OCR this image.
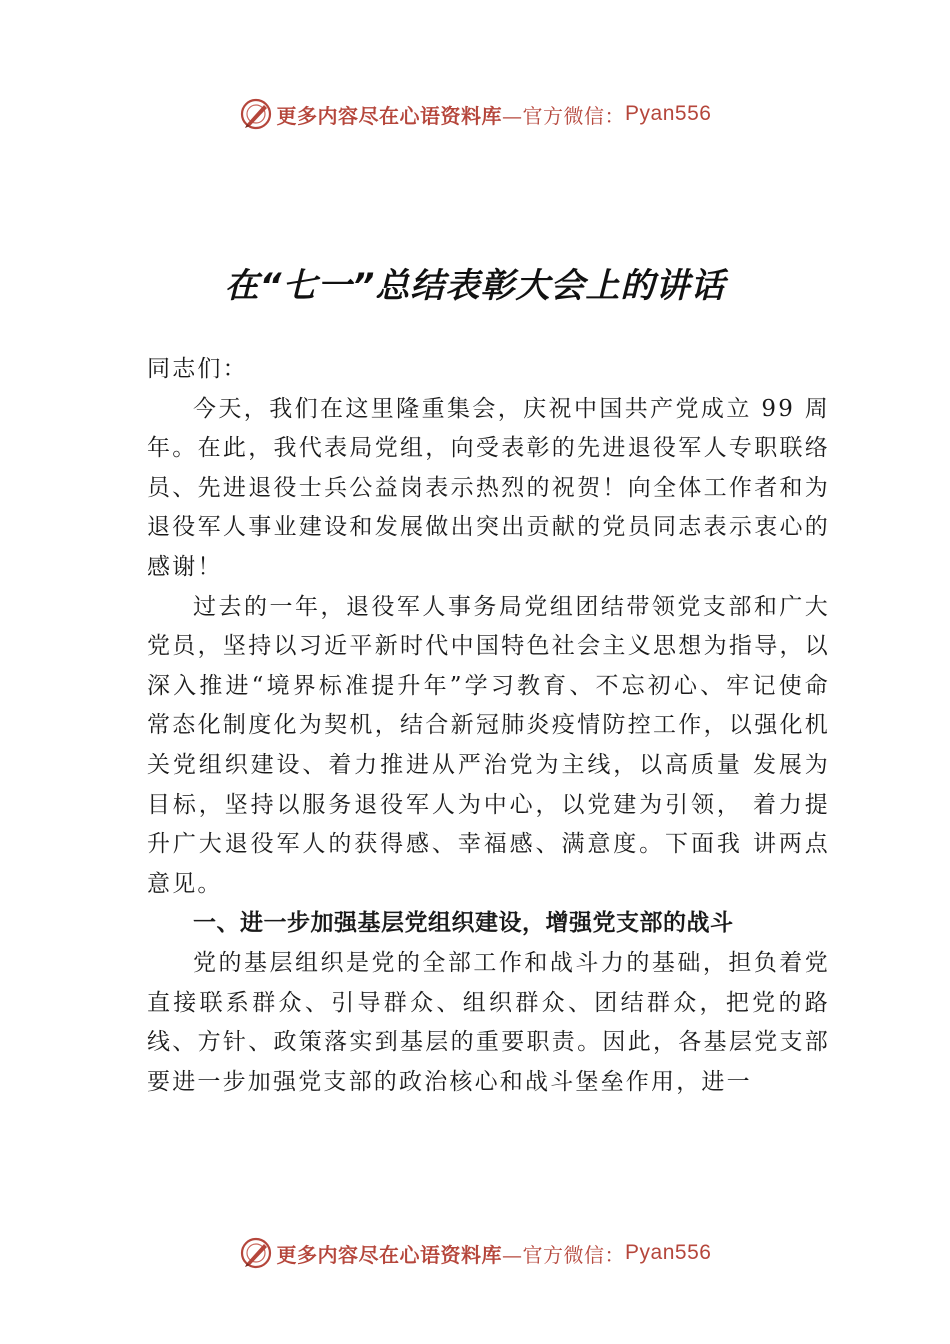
更多内容尽在心语资料库 —官方微信： Pyan556
在“七一”总结表彰大会上的讲话

同志们：

今天，我们在这里隆重集会，庆祝中国共产党成立 99 周年。在此，我代表局党组，向受表彰的先进退役军人专职联络员、先进退役士兵公益岗表示热烈的祝贺！向全体工作者和为退役军人事业建设和发展做出突出贡献的党员同志表示衷心的感谢！

过去的一年，退役军人事务局党组团结带领党支部和广大党员，坚持以习近平新时代中国特色社会主义思想为指导，以深入推进“境界标准提升年”学习教育、不忘初心、牢记使命常态化制度化为契机，结合新冠肺炎疫情防控工作，以强化机关党组织建设、着力推进从严治党为主线，以高质量 发展为目标，坚持以服务退役军人为中心，以党建为引领， 着力提升广大退役军人的获得感、幸福感、满意度。下面我 讲两点意见。

一、进一步加强基层党组织建设，增强党支部的战斗

党的基层组织是党的全部工作和战斗力的基础，担负着党直接联系群众、引导群众、组织群众、团结群众，把党的路线、方针、政策落实到基层的重要职责。因此，各基层党支部要进一步加强党支部的政治核心和战斗堡垒作用，进一

更多内容尽在心语资料库 —官方微信： Pyan556
